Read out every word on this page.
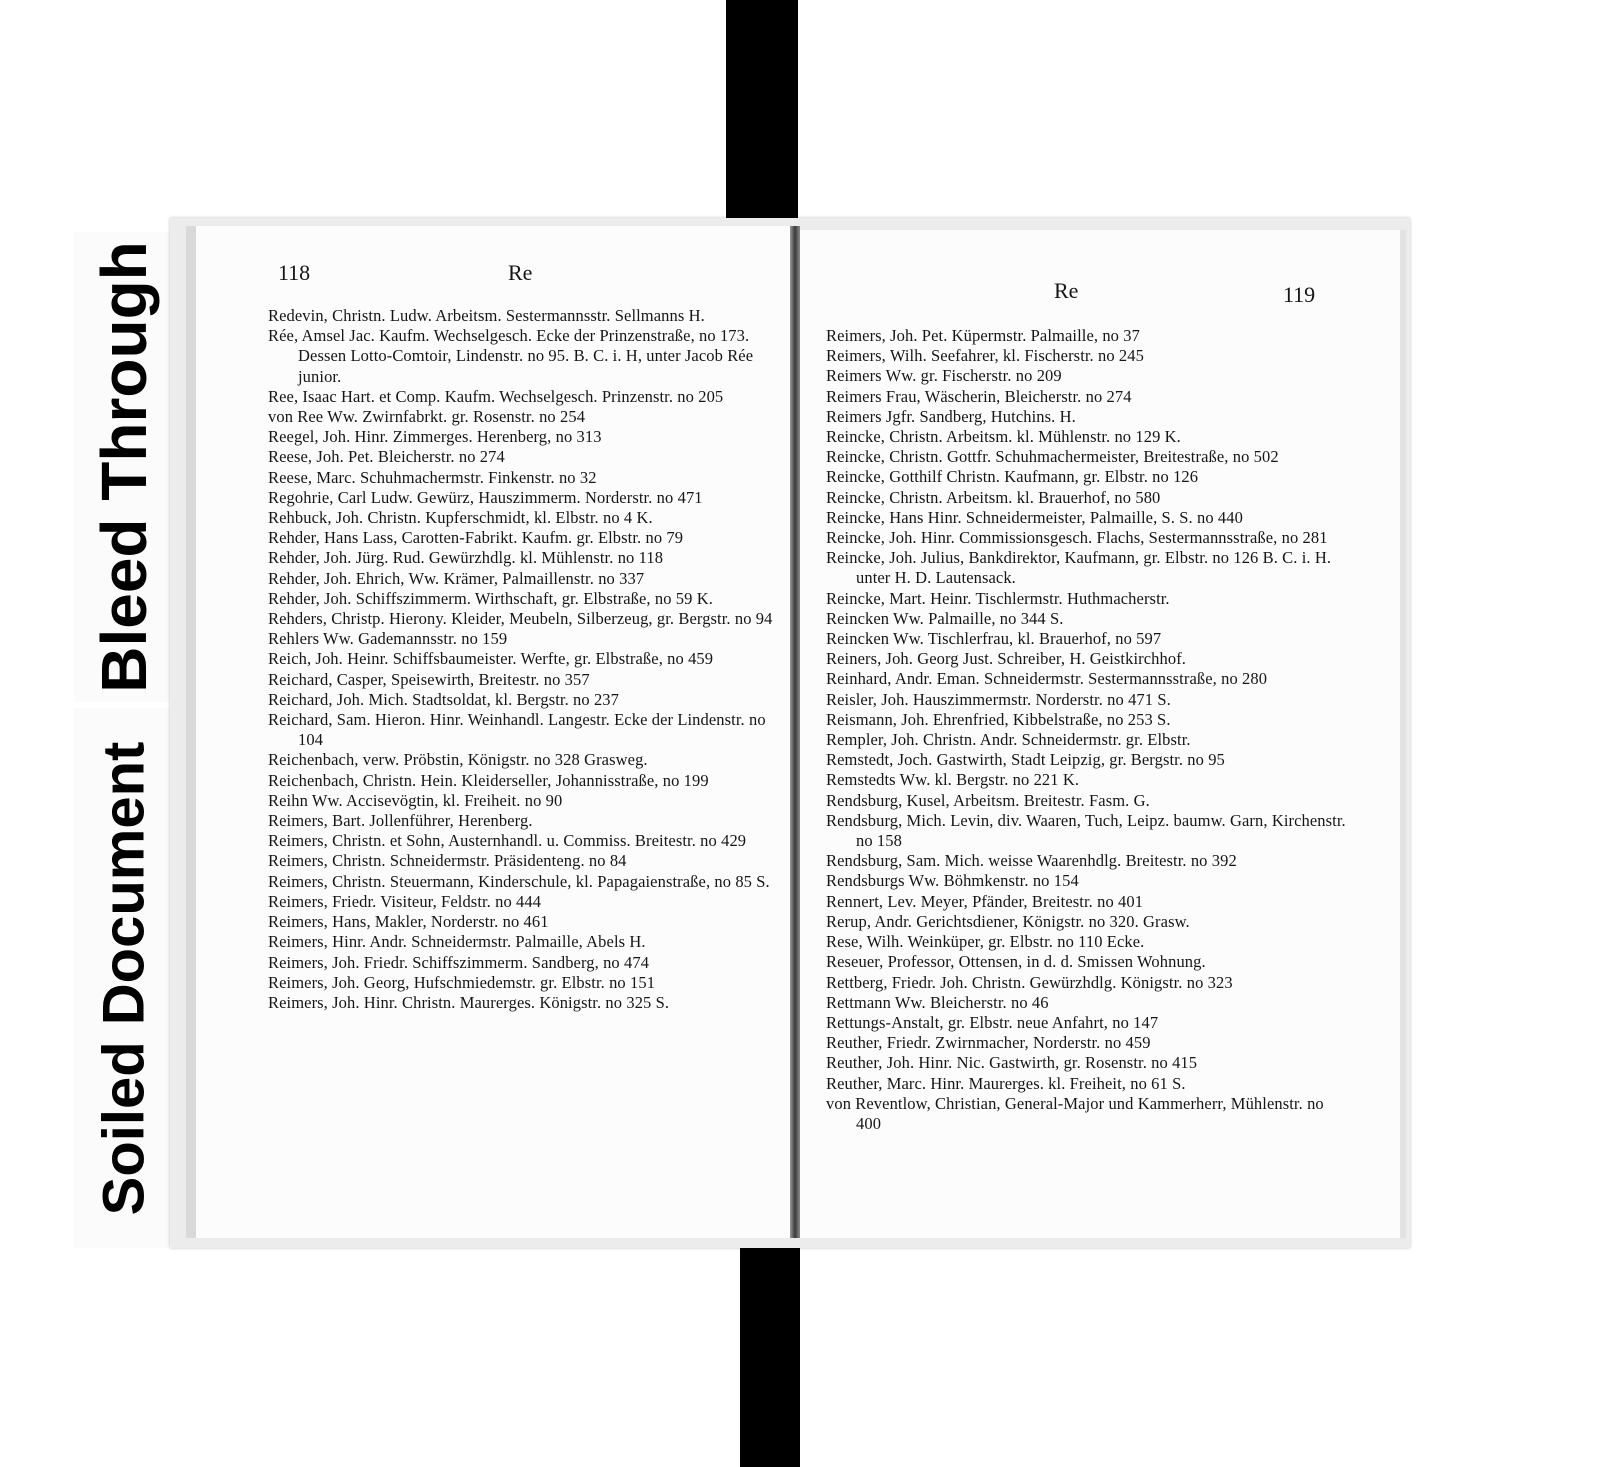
Bleed Through
Soiled Document
118	Re
Re	119
Redevin, Christn. Ludw. Arbeitsm. Sestermannsstr. Sellmanns H.
Rée, Amsel Jac. Kaufm. Wechselgesch. Ecke der Prinzenstraße, no 173. Dessen Lotto-Comtoir, Lindenstr. no 95. B. C. i. H, unter Jacob Rée junior.
Ree, Isaac Hart. et Comp. Kaufm. Wechselgesch. Prinzenstr. no 205
von Ree Ww. Zwirnfabrkt. gr. Rosenstr. no 254
Reegel, Joh. Hinr. Zimmerges. Herenberg, no 313
Reese, Joh. Pet. Bleicherstr. no 274
Reese, Marc. Schuhmachermstr. Finkenstr. no 32
Regohrie, Carl Ludw. Gewürz, Hauszimmerm. Norderstr. no 471
Rehbuck, Joh. Christn. Kupferschmidt, kl. Elbstr. no 4 K.
Rehder, Hans Lass, Carotten-Fabrikt. Kaufm. gr. Elbstr. no 79
Rehder, Joh. Jürg. Rud. Gewürzhdlg. kl. Mühlenstr. no 118
Rehder, Joh. Ehrich, Ww. Krämer, Palmaillenstr. no 337
Rehder, Joh. Schiffszimmerm. Wirthschaft, gr. Elbstraße, no 59 K.
Rehders, Christp. Hierony. Kleider, Meubeln, Silberzeug, gr. Bergstr. no 94
Rehlers Ww. Gademannsstr. no 159
Reich, Joh. Heinr. Schiffsbaumeister. Werfte, gr. Elbstraße, no 459
Reichard, Casper, Speisewirth, Breitestr. no 357
Reichard, Joh. Mich. Stadtsoldat, kl. Bergstr. no 237
Reichard, Sam. Hieron. Hinr. Weinhandl. Langestr. Ecke der Lindenstr. no 104
Reichenbach, verw. Pröbstin, Königstr. no 328 Grasweg.
Reichenbach, Christn. Hein. Kleiderseller, Johannisstraße, no 199
Reihn Ww. Accisevögtin, kl. Freiheit. no 90
Reimers, Bart. Jollenführer, Herenberg.
Reimers, Christn. et Sohn, Austernhandl. u. Commiss. Breitestr. no 429
Reimers, Christn. Schneidermstr. Präsidenteng. no 84
Reimers, Christn. Steuermann, Kinderschule, kl. Papagaienstraße, no 85 S.
Reimers, Friedr. Visiteur, Feldstr. no 444
Reimers, Hans, Makler, Norderstr. no 461
Reimers, Hinr. Andr. Schneidermstr. Palmaille, Abels H.
Reimers, Joh. Friedr. Schiffszimmerm. Sandberg, no 474
Reimers, Joh. Georg, Hufschmiedemstr. gr. Elbstr. no 151
Reimers, Joh. Hinr. Christn. Maurerges. Königstr. no 325 S.
Reimers, Joh. Pet. Küpermstr. Palmaille, no 37
Reimers, Wilh. Seefahrer, kl. Fischerstr. no 245
Reimers Ww. gr. Fischerstr. no 209
Reimers Frau, Wäscherin, Bleicherstr. no 274
Reimers Jgfr. Sandberg, Hutchins. H.
Reincke, Christn. Arbeitsm. kl. Mühlenstr. no 129 K.
Reincke, Christn. Gottfr. Schuhmachermeister, Breitestraße, no 502
Reincke, Gotthilf Christn. Kaufmann, gr. Elbstr. no 126
Reincke, Christn. Arbeitsm. kl. Brauerhof, no 580
Reincke, Hans Hinr. Schneidermeister, Palmaille, S. S. no 440
Reincke, Joh. Hinr. Commissionsgesch. Flachs, Sestermannsstraße, no 281
Reincke, Joh. Julius, Bankdirektor, Kaufmann, gr. Elbstr. no 126 B. C. i. H. unter H. D. Lautensack.
Reincke, Mart. Heinr. Tischlermstr. Huthmacherstr.
Reincken Ww. Palmaille, no 344 S.
Reincken Ww. Tischlerfrau, kl. Brauerhof, no 597
Reiners, Joh. Georg Just. Schreiber, H. Geistkirchhof.
Reinhard, Andr. Eman. Schneidermstr. Sestermannsstraße, no 280
Reisler, Joh. Hauszimmermstr. Norderstr. no 471 S.
Reismann, Joh. Ehrenfried, Kibbelstraße, no 253 S.
Rempler, Joh. Christn. Andr. Schneidermstr. gr. Elbstr.
Remstedt, Joch. Gastwirth, Stadt Leipzig, gr. Bergstr. no 95
Remstedts Ww. kl. Bergstr. no 221 K.
Rendsburg, Kusel, Arbeitsm. Breitestr. Fasm. G.
Rendsburg, Mich. Levin, div. Waaren, Tuch, Leipz. baumw. Garn, Kirchenstr. no 158
Rendsburg, Sam. Mich. weisse Waarenhdlg. Breitestr. no 392
Rendsburgs Ww. Böhmkenstr. no 154
Rennert, Lev. Meyer, Pfänder, Breitestr. no 401
Rerup, Andr. Gerichtsdiener, Königstr. no 320. Grasw.
Rese, Wilh. Weinküper, gr. Elbstr. no 110 Ecke.
Reseuer, Professor, Ottensen, in d. d. Smissen Wohnung.
Rettberg, Friedr. Joh. Christn. Gewürzhdlg. Königstr. no 323
Rettmann Ww. Bleicherstr. no 46
Rettungs-Anstalt, gr. Elbstr. neue Anfahrt, no 147
Reuther, Friedr. Zwirnmacher, Norderstr. no 459
Reuther, Joh. Hinr. Nic. Gastwirth, gr. Rosenstr. no 415
Reuther, Marc. Hinr. Maurerges. kl. Freiheit, no 61 S.
von Reventlow, Christian, General-Major und Kammerherr, Mühlenstr. no 400
